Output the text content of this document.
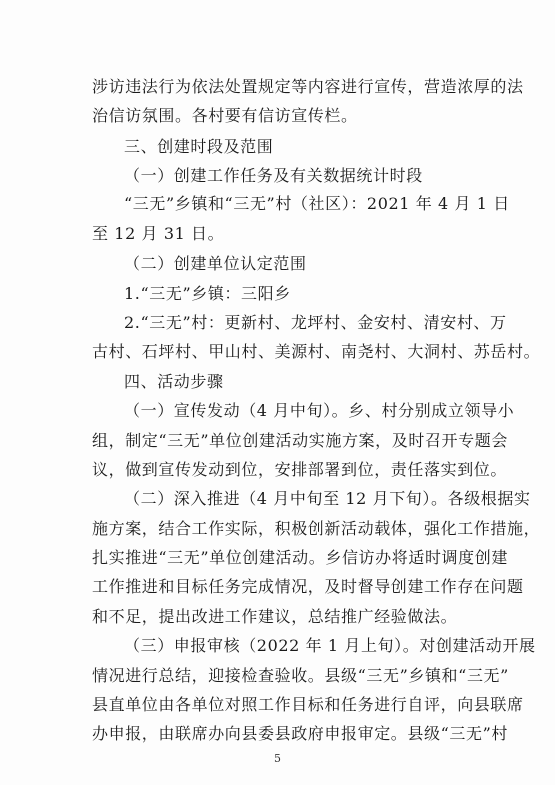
涉访违法行为依法处置规定等内容进行宣传，营造浓厚的法
治信访氛围。各村要有信访宣传栏。
三、创建时段及范围
（一）创建工作任务及有关数据统计时段
“三无”乡镇和“三无”村（社区）：2021 年 4 月 1 日
至 12 月 31 日。
（二）创建单位认定范围
1.“三无”乡镇：三阳乡
2.“三无”村：更新村、龙坪村、金安村、清安村、万
古村、石坪村、甲山村、美源村、南尧村、大洞村、苏岳村。
四、活动步骤
（一）宣传发动（4 月中旬）。乡、村分别成立领导小
组，制定“三无”单位创建活动实施方案，及时召开专题会
议，做到宣传发动到位，安排部署到位，责任落实到位。
（二）深入推进（4 月中旬至 12 月下旬）。各级根据实
施方案，结合工作实际，积极创新活动载体，强化工作措施，
扎实推进“三无”单位创建活动。乡信访办将适时调度创建
工作推进和目标任务完成情况，及时督导创建工作存在问题
和不足，提出改进工作建议，总结推广经验做法。
（三）申报审核（2022 年 1 月上旬）。对创建活动开展
情况进行总结，迎接检查验收。县级“三无”乡镇和“三无”
县直单位由各单位对照工作目标和任务进行自评，向县联席
办申报，由联席办向县委县政府申报审定。县级“三无”村
5
